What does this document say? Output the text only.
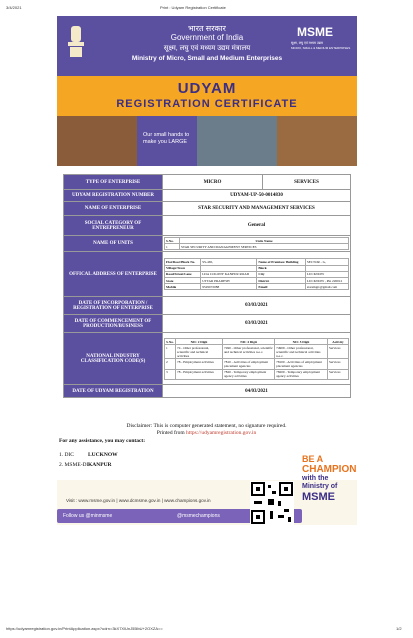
3/4/2021	Print : Udyam Registration Certificate
भारत सरकार
Government of India
सूक्ष्म, लघु एवं मध्यम उद्यम मंत्रालय
Ministry of Micro, Small and Medium Enterprises
MSME
सूक्ष्म, लघु एवं मध्यम उद्यम
MICRO, SMALL & MEDIUM ENTERPRISES
UDYAM
REGISTRATION CERTIFICATE
Our small hands to
make you LARGE
TYPE OF ENTERPRISE	MICRO	SERVICES
UDYAM REGISTRATION NUMBER	UDYAM-UP-50-0014830
NAME OF ENTERPRISE	STAR SECURITY AND MANAGEMENT SERVICES
SOCIAL CATEGORY OF ENTREPRENEUR	General
NAME OF UNITS	
S.No.	Units Name
1	STAR SECURITY AND MANAGEMENT SERVICES

OFFICAL ADDRESS OF ENTERPRISE	
Flat/Door/Block No.	SS-465,	Name of Premises/ Building	SECTOR - G,
Village/Town		Block	
Road/Street/Lane	LDA COLONY KANPUR ROAD	City	LUCKNOW
State	UTTAR PRADESH	District	LUCKNOW , Pin 226012
Mobile	9529072088	Email:	starsmgrr@gmail.com

DATE OF INCORPORATION / REGISTRATION OF ENTERPRISE	03/03/2021
DATE OF COMMENCEMENT OF PRODUCTION/BUSINESS	03/03/2021
NATIONAL INDUSTRY CLASSIFICATION CODE(S)	
S.No.	NIC 2 Digit	NIC 4 Digit	NIC 5 Digit	Activity
1	74 - Other professional, scientific and technical activities	7490 - Other professional, scientific and technical activities n.e.c.	74909 - Other professional, scientific and technical activities n.e.c.	Services
2	78 - Employment activities	7810 - Activities of employment placement agencies	78100 - Activities of employment placement agencies	Services
3	78 - Employment activities	7820 - Temporary employment agency activities	78200 - Temporary employment agency activities	Services

DATE OF UDYAM REGISTRATION	04/03/2021
Disclaimer: This is computer generated statement, no signature required.
Printed from https://udyamregistration.gov.in
For any assistance, you may contact:
1. DIC	LUCKNOW
2. MSME-DI KANPUR
Visit : www.msme.gov.in | www.dcmsme.gov.in | www.champions.gov.in
Follow us @minmsme	@msmechampions
BE A
CHAMPION
with the
Ministry of
MSME
https://udyamregistration.gov.in/PrintApplication.aspx?udrn=3kX7XlUnJ55lbU+2OXZA==	1/2
